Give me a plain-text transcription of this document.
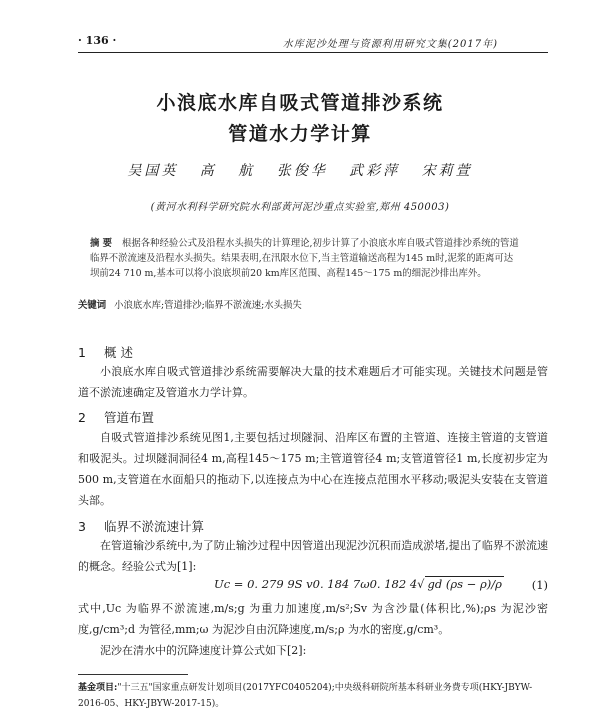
· 136 ·	水库泥沙处理与资源利用研究文集(2017年)
小浪底水库自吸式管道排沙系统
管道水力学计算
吴国英 高 航 张俊华 武彩萍 宋莉萱
(黄河水利科学研究院水利部黄河泥沙重点实验室,郑州 450003)

摘 要 根据各种经验公式及沿程水头损失的计算理论,初步计算了小浪底水库自吸式管道排沙系统的管道临界不淤流速及沿程水头损失。结果表明,在汛限水位下,当主管道输送高程为145 m时,泥浆的距离可达坝前24 710 m,基本可以将小浪底坝前20 km库区范围、高程145～175 m的细泥沙排出库外。

关键词 小浪底水库;管道排沙;临界不淤流速;水头损失
1 概 述

小浪底水库自吸式管道排沙系统需要解决大量的技术难题后才可能实现。关键技术问题是管道不淤流速确定及管道水力学计算。

2 管道布置

自吸式管道排沙系统见图1,主要包括过坝隧洞、沿库区布置的主管道、连接主管道的支管道和吸泥头。过坝隧洞洞径4 m,高程145～175 m;主管道管径4 m;支管道管径1 m,长度初步定为500 m,支管道在水面船只的拖动下,以连接点为中心在连接点范围水平移动;吸泥头安装在支管道头部。

3 临界不淤流速计算

在管道输沙系统中,为了防止输沙过程中因管道出现泥沙沉积而造成淤堵,提出了临界不淤流速的概念。经验公式为[1]:

Uc = 0. 279 9S v0. 184 7ω0. 182 4√ gd (ρs − ρ)/ρ	(1)

式中,Uc 为临界不淤流速,m/s;g 为重力加速度,m/s²;Sv 为含沙量(体积比,%);ρs 为泥沙密度,g/cm³;d 为管径,mm;ω 为泥沙自由沉降速度,m/s;ρ 为水的密度,g/cm³。

泥沙在清水中的沉降速度计算公式如下[2]:

基金项目:"十三五"国家重点研发计划项目(2017YFC0405204);中央级科研院所基本科研业务费专项(HKY-JBYW-2016-05、HKY-JBYW-2017-15)。
